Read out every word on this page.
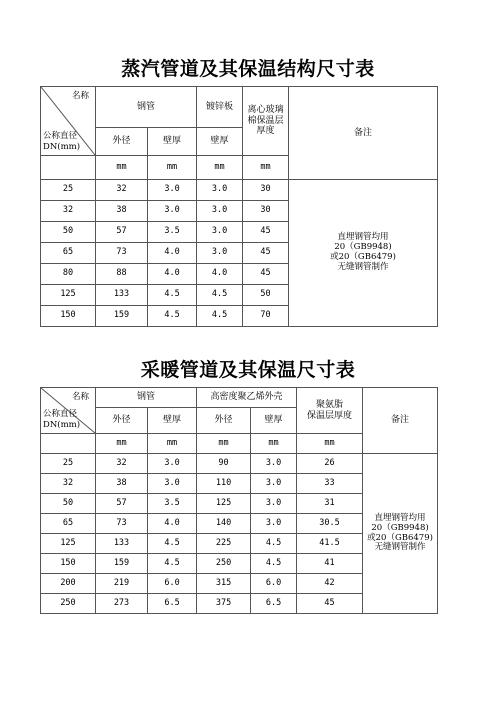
蒸汽管道及其保温结构尺寸表
名称
公称直径
DN(mm)	钢管		镀锌板	离心玻璃棉保温层厚度	备注
	外径	壁厚	壁厚		
	mm	mm	mm	mm	
25	32	3.0	3.0	30	直埋钢管均用
20（GB9948)
或20（GB6479)
无缝钢管制作
32	38	3.0	3.0	30	
50	57	3.5	3.0	45	
65	73	4.0	3.0	45	
80	88	4.0	4.0	45	
125	133	4.5	4.5	50	
150	159	4.5	4.5	70	
采暖管道及其保温尺寸表
名称
公称直径
DN(mm)	钢管		高密度聚乙烯外壳		聚氨脂
保温层厚度	备注
	外径	壁厚	外径	壁厚		
	mm	mm	mm	mm	mm	
25	32	3.0	90	3.0	26	直埋钢管均用
20（GB9948)
或20（GB6479)
无缝钢管制作
32	38	3.0	110	3.0	33	
50	57	3.5	125	3.0	31	
65	73	4.0	140	3.0	30.5	
125	133	4.5	225	4.5	41.5	
150	159	4.5	250	4.5	41	
200	219	6.0	315	6.0	42	
250	273	6.5	375	6.5	45	
